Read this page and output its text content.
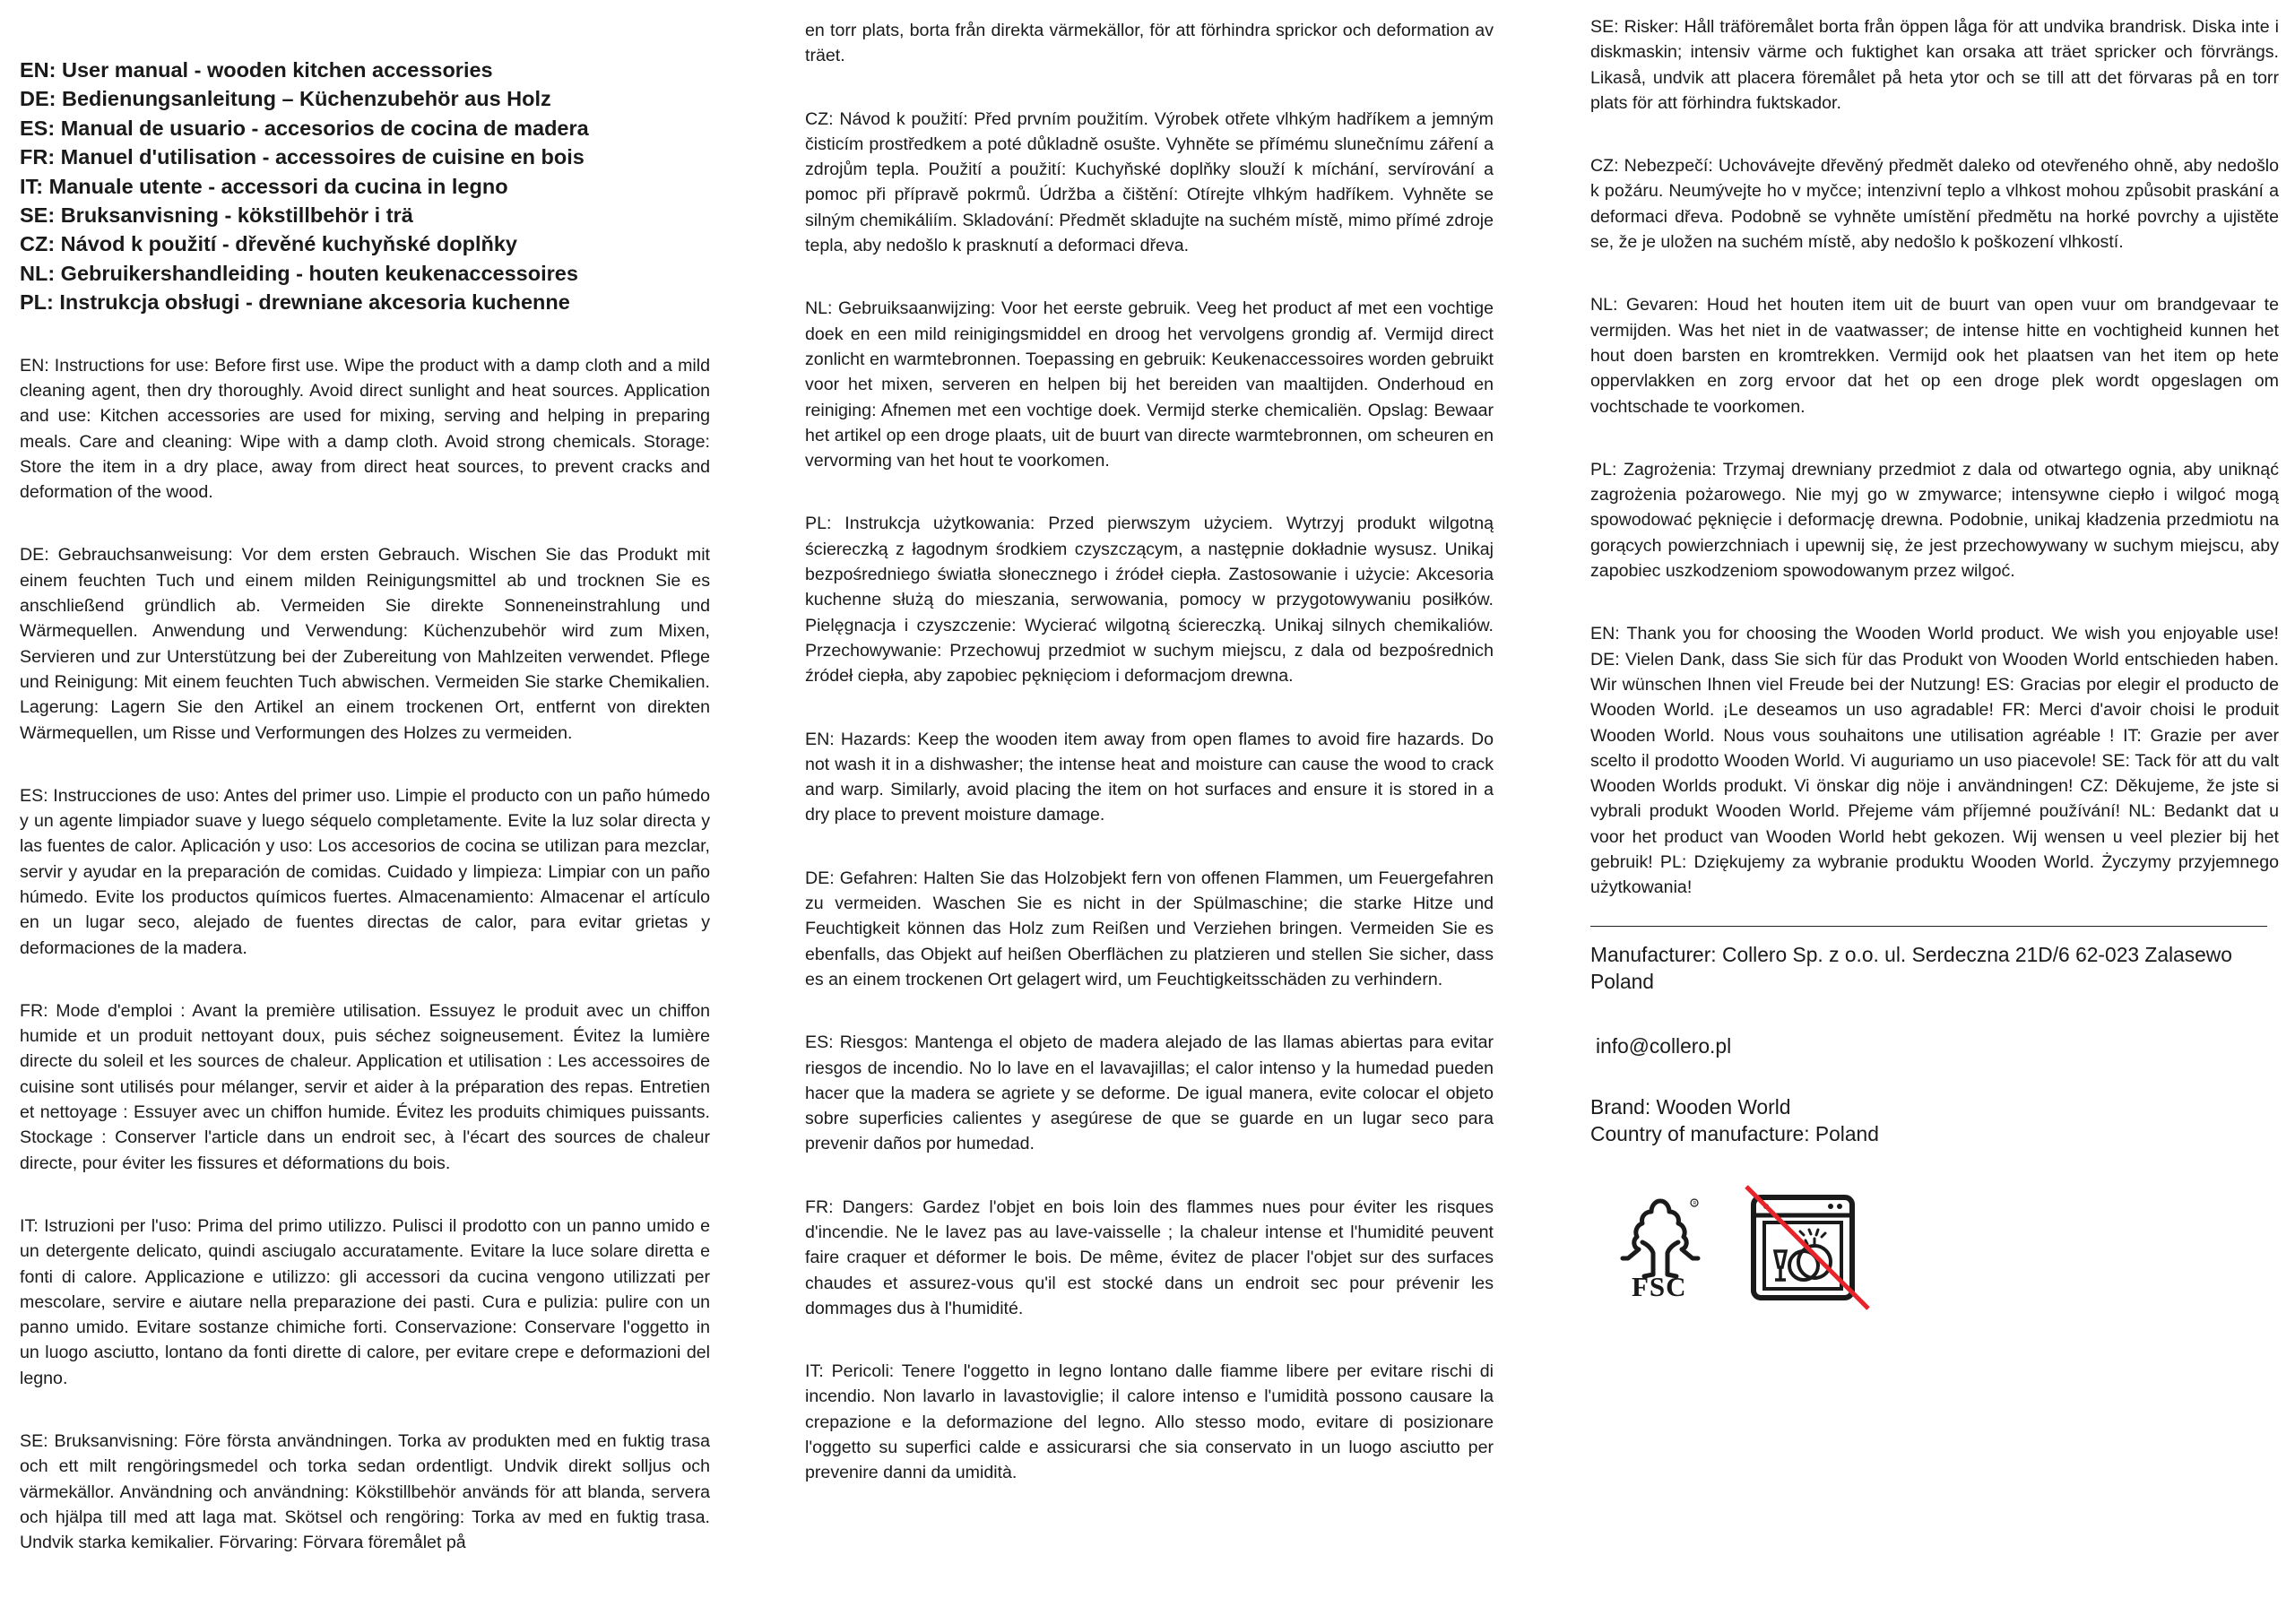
EN: User manual - wooden kitchen accessories
DE: Bedienungsanleitung – Küchenzubehör aus Holz
ES: Manual de usuario - accesorios de cocina de madera
FR: Manuel d'utilisation - accessoires de cuisine en bois
IT: Manuale utente - accessori da cucina in legno
SE: Bruksanvisning - kökstillbehör i trä
CZ: Návod k použití - dřevěné kuchyňské doplňky
NL: Gebruikershandleiding - houten keukenaccessoires
PL: Instrukcja obsługi - drewniane akcesoria kuchenne

EN: Instructions for use: Before first use. Wipe the product with a damp cloth and a mild cleaning agent, then dry thoroughly. Avoid direct sunlight and heat sources. Application and use: Kitchen accessories are used for mixing, serving and helping in preparing meals. Care and cleaning: Wipe with a damp cloth. Avoid strong chemicals. Storage: Store the item in a dry place, away from direct heat sources, to prevent cracks and deformation of the wood.

DE: Gebrauchsanweisung: Vor dem ersten Gebrauch. Wischen Sie das Produkt mit einem feuchten Tuch und einem milden Reinigungsmittel ab und trocknen Sie es anschließend gründlich ab. Vermeiden Sie direkte Sonneneinstrahlung und Wärmequellen. Anwendung und Verwendung: Küchenzubehör wird zum Mixen, Servieren und zur Unterstützung bei der Zubereitung von Mahlzeiten verwendet. Pflege und Reinigung: Mit einem feuchten Tuch abwischen. Vermeiden Sie starke Chemikalien. Lagerung: Lagern Sie den Artikel an einem trockenen Ort, entfernt von direkten Wärmequellen, um Risse und Verformungen des Holzes zu vermeiden.

ES: Instrucciones de uso: Antes del primer uso. Limpie el producto con un paño húmedo y un agente limpiador suave y luego séquelo completamente. Evite la luz solar directa y las fuentes de calor. Aplicación y uso: Los accesorios de cocina se utilizan para mezclar, servir y ayudar en la preparación de comidas. Cuidado y limpieza: Limpiar con un paño húmedo. Evite los productos químicos fuertes. Almacenamiento: Almacenar el artículo en un lugar seco, alejado de fuentes directas de calor, para evitar grietas y deformaciones de la madera.

FR: Mode d'emploi : Avant la première utilisation. Essuyez le produit avec un chiffon humide et un produit nettoyant doux, puis séchez soigneusement. Évitez la lumière directe du soleil et les sources de chaleur. Application et utilisation : Les accessoires de cuisine sont utilisés pour mélanger, servir et aider à la préparation des repas. Entretien et nettoyage : Essuyer avec un chiffon humide. Évitez les produits chimiques puissants. Stockage : Conserver l'article dans un endroit sec, à l'écart des sources de chaleur directe, pour éviter les fissures et déformations du bois.

IT: Istruzioni per l'uso: Prima del primo utilizzo. Pulisci il prodotto con un panno umido e un detergente delicato, quindi asciugalo accuratamente. Evitare la luce solare diretta e fonti di calore. Applicazione e utilizzo: gli accessori da cucina vengono utilizzati per mescolare, servire e aiutare nella preparazione dei pasti. Cura e pulizia: pulire con un panno umido. Evitare sostanze chimiche forti. Conservazione: Conservare l'oggetto in un luogo asciutto, lontano da fonti dirette di calore, per evitare crepe e deformazioni del legno.

SE: Bruksanvisning: Före första användningen. Torka av produkten med en fuktig trasa och ett milt rengöringsmedel och torka sedan ordentligt. Undvik direkt solljus och värmekällor. Användning och användning: Kökstillbehör används för att blanda, servera och hjälpa till med att laga mat. Skötsel och rengöring: Torka av med en fuktig trasa. Undvik starka kemikalier. Förvaring: Förvara föremålet på

en torr plats, borta från direkta värmekällor, för att förhindra sprickor och deformation av träet.

CZ: Návod k použití: Před prvním použitím. Výrobek otřete vlhkým hadříkem a jemným čisticím prostředkem a poté důkladně osušte. Vyhněte se přímému slunečnímu záření a zdrojům tepla. Použití a použití: Kuchyňské doplňky slouží k míchání, servírování a pomoc při přípravě pokrmů. Údržba a čištění: Otírejte vlhkým hadříkem. Vyhněte se silným chemikáliím. Skladování: Předmět skladujte na suchém místě, mimo přímé zdroje tepla, aby nedošlo k prasknutí a deformaci dřeva.

NL: Gebruiksaanwijzing: Voor het eerste gebruik. Veeg het product af met een vochtige doek en een mild reinigingsmiddel en droog het vervolgens grondig af. Vermijd direct zonlicht en warmtebronnen. Toepassing en gebruik: Keukenaccessoires worden gebruikt voor het mixen, serveren en helpen bij het bereiden van maaltijden. Onderhoud en reiniging: Afnemen met een vochtige doek. Vermijd sterke chemicaliën. Opslag: Bewaar het artikel op een droge plaats, uit de buurt van directe warmtebronnen, om scheuren en vervorming van het hout te voorkomen.

PL: Instrukcja użytkowania: Przed pierwszym użyciem. Wytrzyj produkt wilgotną ściereczką z łagodnym środkiem czyszczącym, a następnie dokładnie wysusz. Unikaj bezpośredniego światła słonecznego i źródeł ciepła. Zastosowanie i użycie: Akcesoria kuchenne służą do mieszania, serwowania, pomocy w przygotowywaniu posiłków. Pielęgnacja i czyszczenie: Wycierać wilgotną ściereczką. Unikaj silnych chemikaliów. Przechowywanie: Przechowuj przedmiot w suchym miejscu, z dala od bezpośrednich źródeł ciepła, aby zapobiec pęknięciom i deformacjom drewna.

EN: Hazards: Keep the wooden item away from open flames to avoid fire hazards. Do not wash it in a dishwasher; the intense heat and moisture can cause the wood to crack and warp. Similarly, avoid placing the item on hot surfaces and ensure it is stored in a dry place to prevent moisture damage.

DE: Gefahren: Halten Sie das Holzobjekt fern von offenen Flammen, um Feuergefahren zu vermeiden. Waschen Sie es nicht in der Spülmaschine; die starke Hitze und Feuchtigkeit können das Holz zum Reißen und Verziehen bringen. Vermeiden Sie es ebenfalls, das Objekt auf heißen Oberflächen zu platzieren und stellen Sie sicher, dass es an einem trockenen Ort gelagert wird, um Feuchtigkeitsschäden zu verhindern.

ES: Riesgos: Mantenga el objeto de madera alejado de las llamas abiertas para evitar riesgos de incendio. No lo lave en el lavavajillas; el calor intenso y la humedad pueden hacer que la madera se agriete y se deforme. De igual manera, evite colocar el objeto sobre superficies calientes y asegúrese de que se guarde en un lugar seco para prevenir daños por humedad.

FR: Dangers: Gardez l'objet en bois loin des flammes nues pour éviter les risques d'incendie. Ne le lavez pas au lave-vaisselle ; la chaleur intense et l'humidité peuvent faire craquer et déformer le bois. De même, évitez de placer l'objet sur des surfaces chaudes et assurez-vous qu'il est stocké dans un endroit sec pour prévenir les dommages dus à l'humidité.

IT: Pericoli: Tenere l'oggetto in legno lontano dalle fiamme libere per evitare rischi di incendio. Non lavarlo in lavastoviglie; il calore intenso e l'umidità possono causare la crepazione e la deformazione del legno. Allo stesso modo, evitare di posizionare l'oggetto su superfici calde e assicurarsi che sia conservato in un luogo asciutto per prevenire danni da umidità.

SE: Risker: Håll träföremålet borta från öppen låga för att undvika brandrisk. Diska inte i diskmaskin; intensiv värme och fuktighet kan orsaka att träet spricker och förvrängs. Likaså, undvik att placera föremålet på heta ytor och se till att det förvaras på en torr plats för att förhindra fuktskador.

CZ: Nebezpečí: Uchovávejte dřevěný předmět daleko od otevřeného ohně, aby nedošlo k požáru. Neumývejte ho v myčce; intenzivní teplo a vlhkost mohou způsobit praskání a deformaci dřeva. Podobně se vyhněte umístění předmětu na horké povrchy a ujistěte se, že je uložen na suchém místě, aby nedošlo k poškození vlhkostí.

NL: Gevaren: Houd het houten item uit de buurt van open vuur om brandgevaar te vermijden. Was het niet in de vaatwasser; de intense hitte en vochtigheid kunnen het hout doen barsten en kromtrekken. Vermijd ook het plaatsen van het item op hete oppervlakken en zorg ervoor dat het op een droge plek wordt opgeslagen om vochtschade te voorkomen.

PL: Zagrożenia: Trzymaj drewniany przedmiot z dala od otwartego ognia, aby uniknąć zagrożenia pożarowego. Nie myj go w zmywarce; intensywne ciepło i wilgoć mogą spowodować pęknięcie i deformację drewna. Podobnie, unikaj kładzenia przedmiotu na gorących powierzchniach i upewnij się, że jest przechowywany w suchym miejscu, aby zapobiec uszkodzeniom spowodowanym przez wilgoć.

EN: Thank you for choosing the Wooden World product. We wish you enjoyable use! DE: Vielen Dank, dass Sie sich für das Produkt von Wooden World entschieden haben. Wir wünschen Ihnen viel Freude bei der Nutzung! ES: Gracias por elegir el producto de Wooden World. ¡Le deseamos un uso agradable! FR: Merci d'avoir choisi le produit Wooden World. Nous vous souhaitons une utilisation agréable ! IT: Grazie per aver scelto il prodotto Wooden World. Vi auguriamo un uso piacevole! SE: Tack för att du valt Wooden Worlds produkt. Vi önskar dig nöje i användningen! CZ: Děkujeme, že jste si vybrali produkt Wooden World. Přejeme vám příjemné používání! NL: Bedankt dat u voor het product van Wooden World hebt gekozen. Wij wensen u veel plezier bij het gebruik! PL: Dziękujemy za wybranie produktu Wooden World. Życzymy przyjemnego użytkowania!

Manufacturer: Collero Sp. z o.o. ul. Serdeczna 21D/6 62-023 Zalasewo Poland

info@collero.pl

Brand: Wooden World

Country of manufacture: Poland

R
FSC
